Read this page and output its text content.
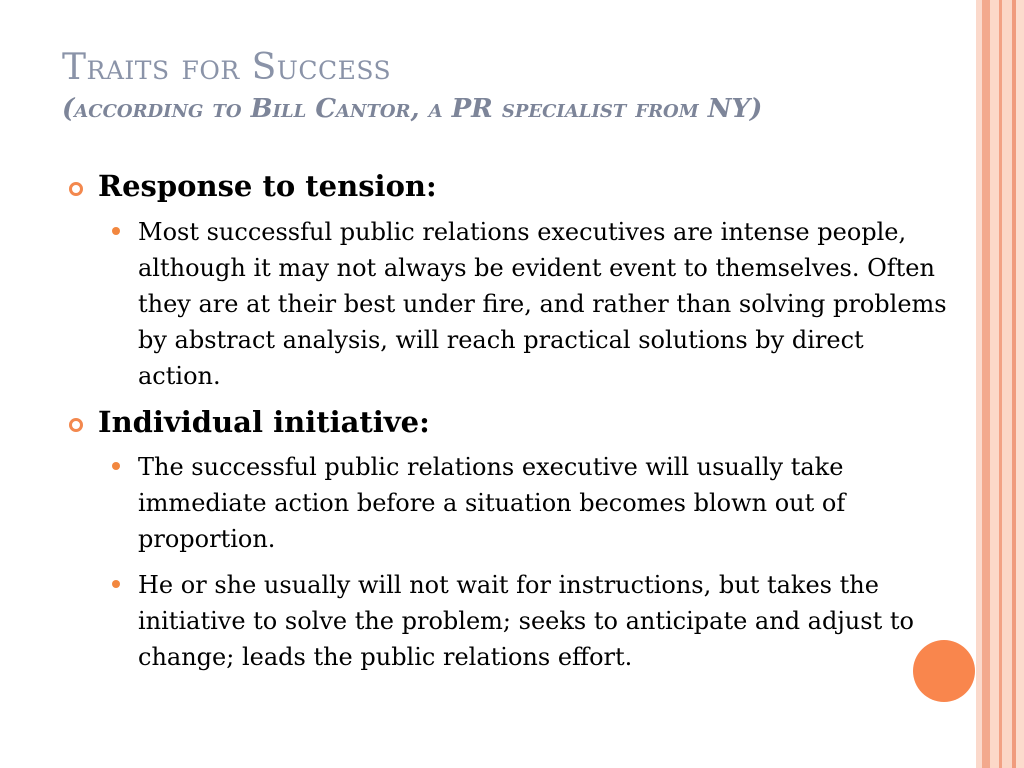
Traits for Success
(according to Bill Cantor, a PR specialist from NY)
Response to tension:
Most successful public relations executives are intense people, although it may not always be evident event to themselves. Often they are at their best under fire, and rather than solving problems by abstract analysis, will reach practical solutions by direct action.
Individual initiative:
The successful public relations executive will usually take immediate action before a situation becomes blown out of proportion.
He or she usually will not wait for instructions, but takes the initiative to solve the problem; seeks to anticipate and adjust to change; leads the public relations effort.
